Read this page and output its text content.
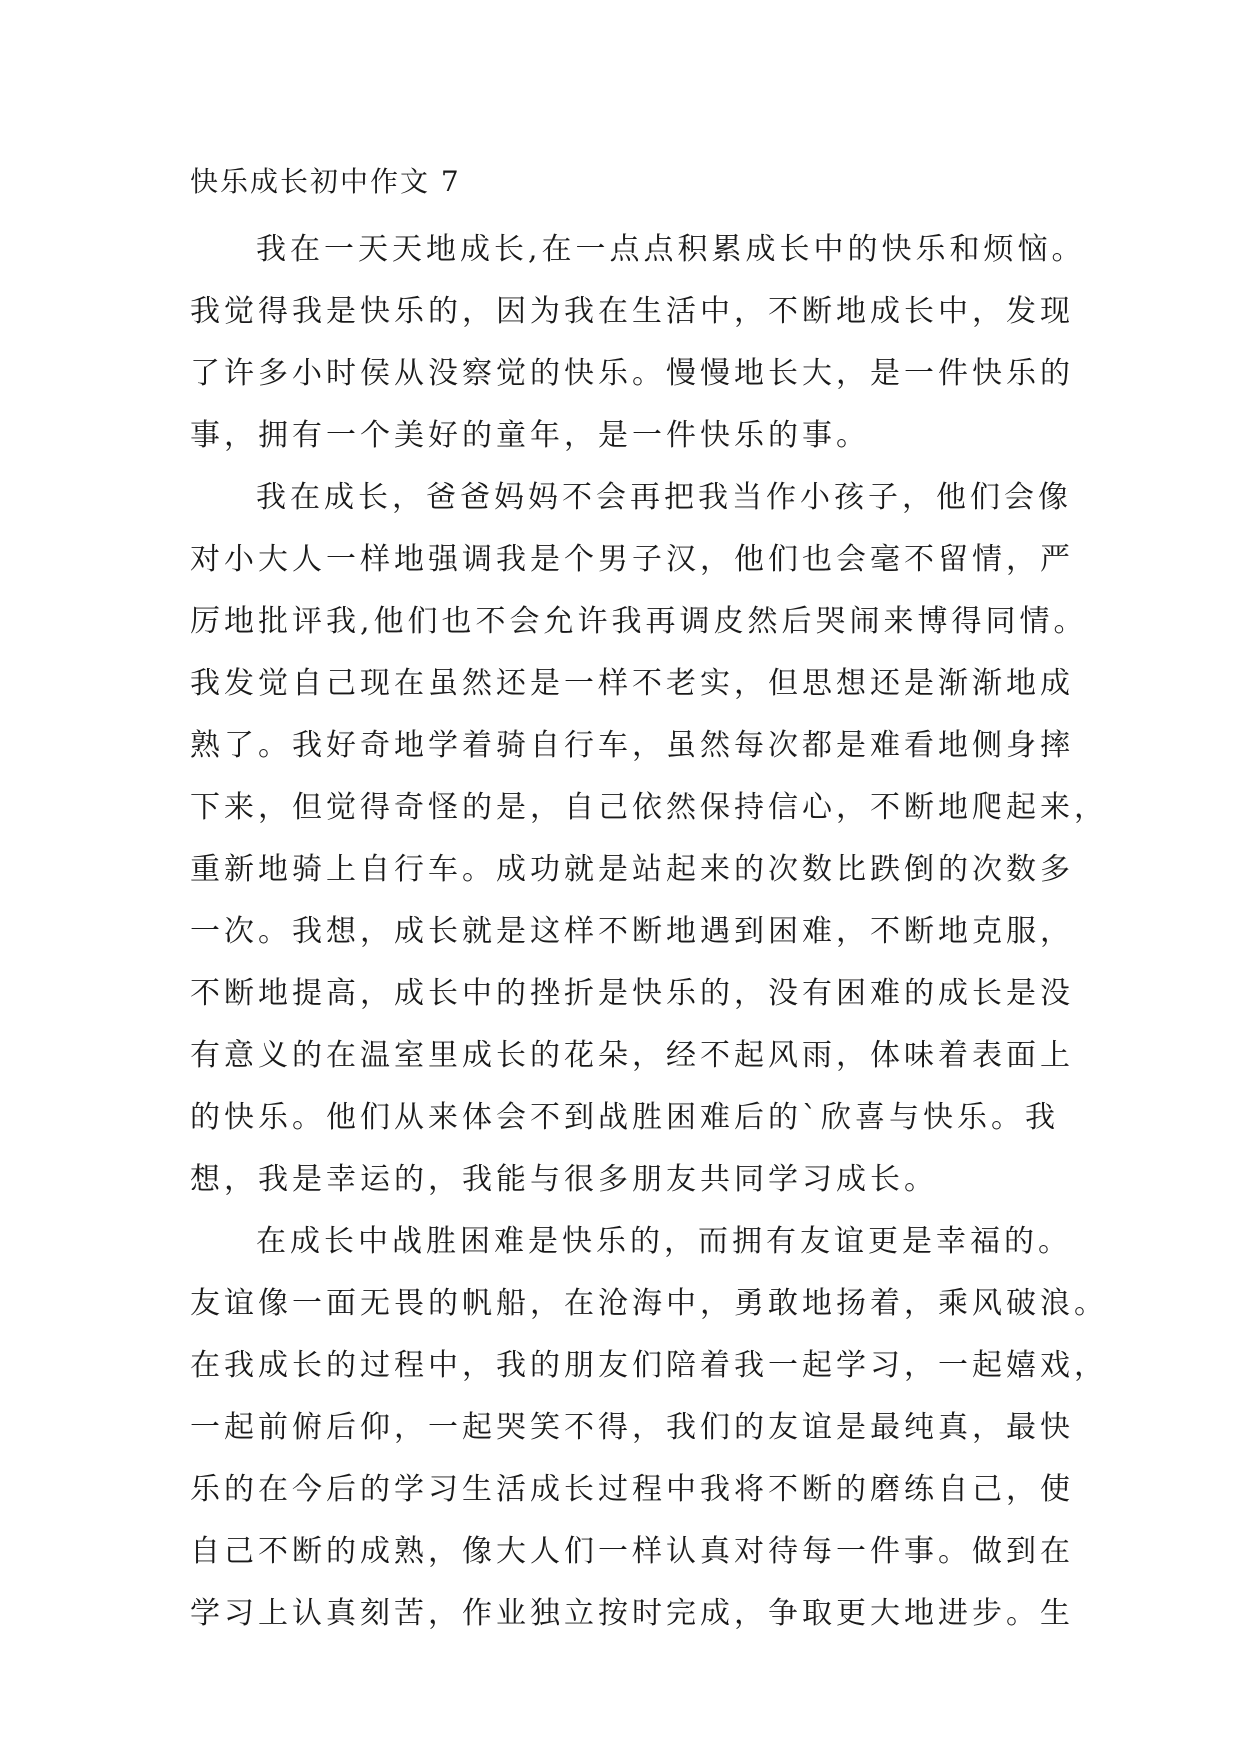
快乐成长初中作文 7
我在一天天地成长,在一点点积累成长中的快乐和烦恼。
我觉得我是快乐的，因为我在生活中，不断地成长中，发现
了许多小时侯从没察觉的快乐。慢慢地长大，是一件快乐的
事，拥有一个美好的童年，是一件快乐的事。
我在成长，爸爸妈妈不会再把我当作小孩子，他们会像
对小大人一样地强调我是个男子汉，他们也会毫不留情，严
厉地批评我,他们也不会允许我再调皮然后哭闹来博得同情。
我发觉自己现在虽然还是一样不老实，但思想还是渐渐地成
熟了。我好奇地学着骑自行车，虽然每次都是难看地侧身摔
下来，但觉得奇怪的是，自己依然保持信心，不断地爬起来，
重新地骑上自行车。成功就是站起来的次数比跌倒的次数多
一次。我想，成长就是这样不断地遇到困难，不断地克服，
不断地提高，成长中的挫折是快乐的，没有困难的成长是没
有意义的在温室里成长的花朵，经不起风雨，体味着表面上
的快乐。他们从来体会不到战胜困难后的`欣喜与快乐。我
想，我是幸运的，我能与很多朋友共同学习成长。
在成长中战胜困难是快乐的，而拥有友谊更是幸福的。
友谊像一面无畏的帆船，在沧海中，勇敢地扬着，乘风破浪。
在我成长的过程中，我的朋友们陪着我一起学习，一起嬉戏，
一起前俯后仰，一起哭笑不得，我们的友谊是最纯真，最快
乐的在今后的学习生活成长过程中我将不断的磨练自己，使
自己不断的成熟，像大人们一样认真对待每一件事。做到在
学习上认真刻苦，作业独立按时完成，争取更大地进步。生
